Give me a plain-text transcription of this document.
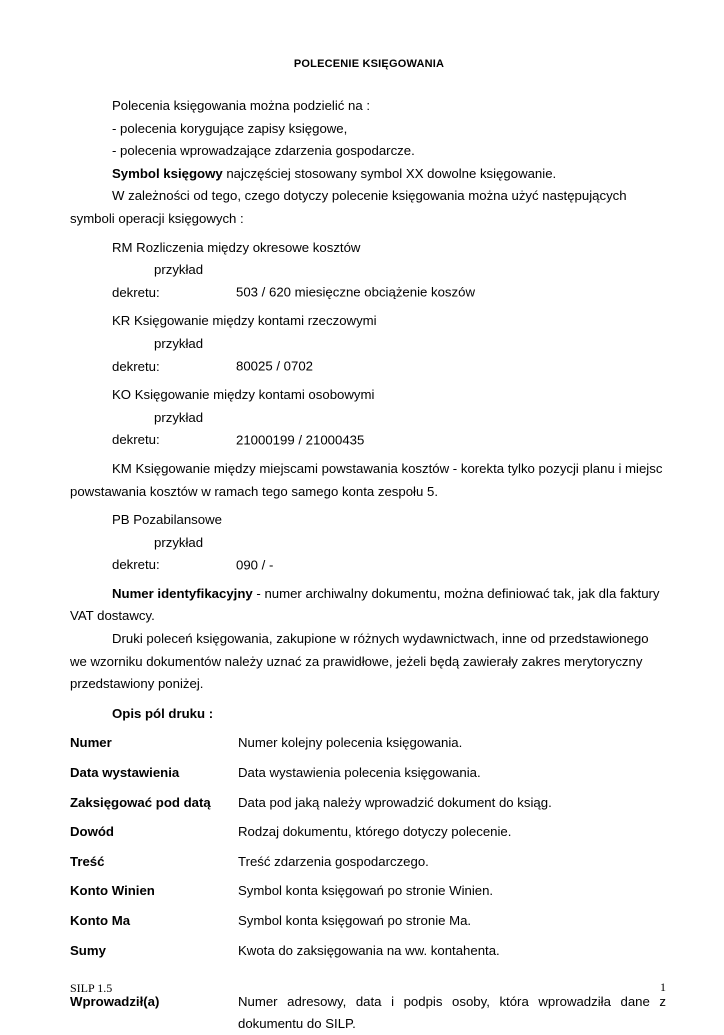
POLECENIE KSIĘGOWANIA

Polecenia księgowania można podzielić na :

- polecenia korygujące zapisy księgowe,

- polecenia wprowadzające zdarzenia gospodarcze.

Symbol księgowy najczęściej stosowany symbol XX dowolne księgowanie.

W zależności od tego, czego dotyczy polecenie księgowania można użyć następujących symboli operacji księgowych :

RM Rozliczenia między okresowe kosztów

przykład dekretu:	503 / 620 miesięczne obciążenie koszów

KR Księgowanie między kontami rzeczowymi

przykład dekretu:	80025 / 0702

KO Księgowanie między kontami osobowymi

przykład dekretu:	21000199 / 21000435

KM Księgowanie między miejscami powstawania kosztów - korekta tylko pozycji planu i miejsc powstawania kosztów w ramach tego samego konta zespołu 5.

PB Pozabilansowe

przykład dekretu:	090 / -

Numer identyfikacyjny - numer archiwalny dokumentu, można definiować tak, jak dla faktury VAT dostawcy.

Druki poleceń księgowania, zakupione w różnych wydawnictwach, inne od przedstawionego we wzorniku dokumentów należy uznać za prawidłowe, jeżeli będą zawierały zakres merytoryczny przedstawiony poniżej.

Opis pól druku :

Numer	Numer kolejny polecenia księgowania.
Data wystawienia	Data wystawienia polecenia księgowania.
Zaksięgować pod datą	Data pod jaką należy wprowadzić dokument do ksiąg.
Dowód	Rodzaj dokumentu, którego dotyczy polecenie.
Treść	Treść zdarzenia gospodarczego.
Konto Winien	Symbol konta księgowań po stronie Winien.
Konto Ma	Symbol konta księgowań po stronie Ma.
Sumy	Kwota do zaksięgowania na ww. kontahenta.
Wprowadził(a)	Numer adresowy, data i podpis osoby, która wprowadziła dane z dokumentu do SILP.
SILP 1.5	1
